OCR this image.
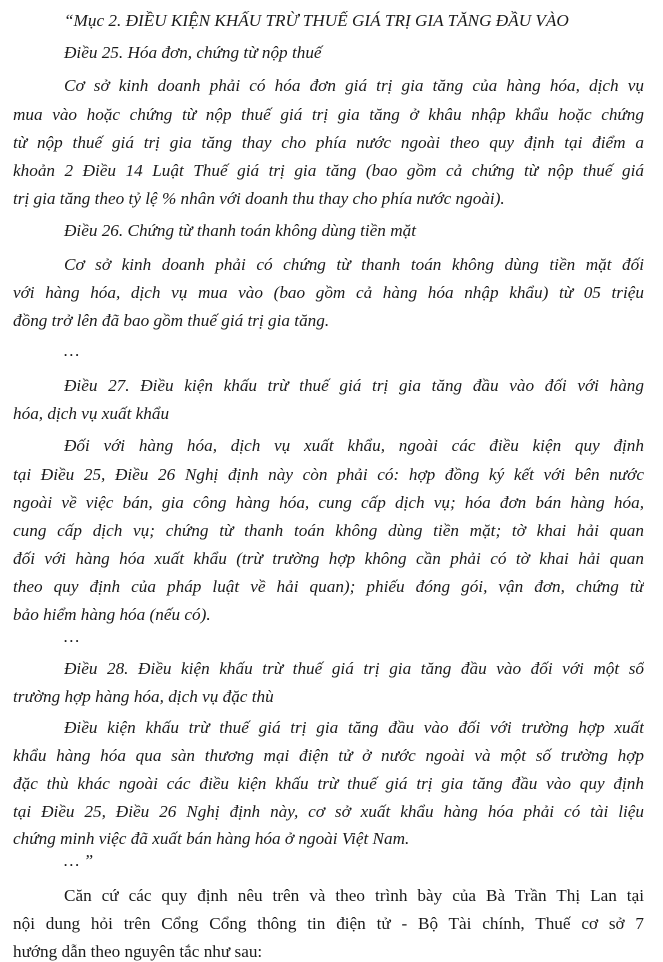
“Mục 2. ĐIỀU KIỆN KHẤU TRỪ THUẾ GIÁ TRỊ GIA TĂNG ĐẦU VÀO
Điều 25. Hóa đơn, chứng từ nộp thuế
Cơ sở kinh doanh phải có hóa đơn giá trị gia tăng của hàng hóa, dịch vụ
mua vào hoặc chứng từ nộp thuế giá trị gia tăng ở khâu nhập khẩu hoặc chứng
từ nộp thuế giá trị gia tăng thay cho phía nước ngoài theo quy định tại điểm a
khoản 2 Điều 14 Luật Thuế giá trị gia tăng (bao gồm cả chứng từ nộp thuế giá
trị gia tăng theo tỷ lệ % nhân với doanh thu thay cho phía nước ngoài).
Điều 26. Chứng từ thanh toán không dùng tiền mặt
Cơ sở kinh doanh phải có chứng từ thanh toán không dùng tiền mặt đối
với hàng hóa, dịch vụ mua vào (bao gồm cả hàng hóa nhập khẩu) từ 05 triệu
đồng trở lên đã bao gồm thuế giá trị gia tăng.
…
Điều 27. Điều kiện khấu trừ thuế giá trị gia tăng đầu vào đối với hàng
hóa, dịch vụ xuất khẩu
Đối với hàng hóa, dịch vụ xuất khẩu, ngoài các điều kiện quy định
tại Điều 25, Điều 26 Nghị định này còn phải có: hợp đồng ký kết với bên nước
ngoài về việc bán, gia công hàng hóa, cung cấp dịch vụ; hóa đơn bán hàng hóa,
cung cấp dịch vụ; chứng từ thanh toán không dùng tiền mặt; tờ khai hải quan
đối với hàng hóa xuất khẩu (trừ trường hợp không cần phải có tờ khai hải quan
theo quy định của pháp luật về hải quan); phiếu đóng gói, vận đơn, chứng từ
bảo hiểm hàng hóa (nếu có).
…
Điều 28. Điều kiện khấu trừ thuế giá trị gia tăng đầu vào đối với một số
trường hợp hàng hóa, dịch vụ đặc thù
Điều kiện khấu trừ thuế giá trị gia tăng đầu vào đối với trường hợp xuất
khẩu hàng hóa qua sàn thương mại điện tử ở nước ngoài và một số trường hợp
đặc thù khác ngoài các điều kiện khấu trừ thuế giá trị gia tăng đầu vào quy định
tại Điều 25, Điều 26 Nghị định này, cơ sở xuất khẩu hàng hóa phải có tài liệu
chứng minh việc đã xuất bán hàng hóa ở ngoài Việt Nam.
… ”
Căn cứ các quy định nêu trên và theo trình bày của Bà Trần Thị Lan tại
nội dung hỏi trên Cổng Cổng thông tin điện tử - Bộ Tài chính, Thuế cơ sở 7
hướng dẫn theo nguyên tắc như sau:
